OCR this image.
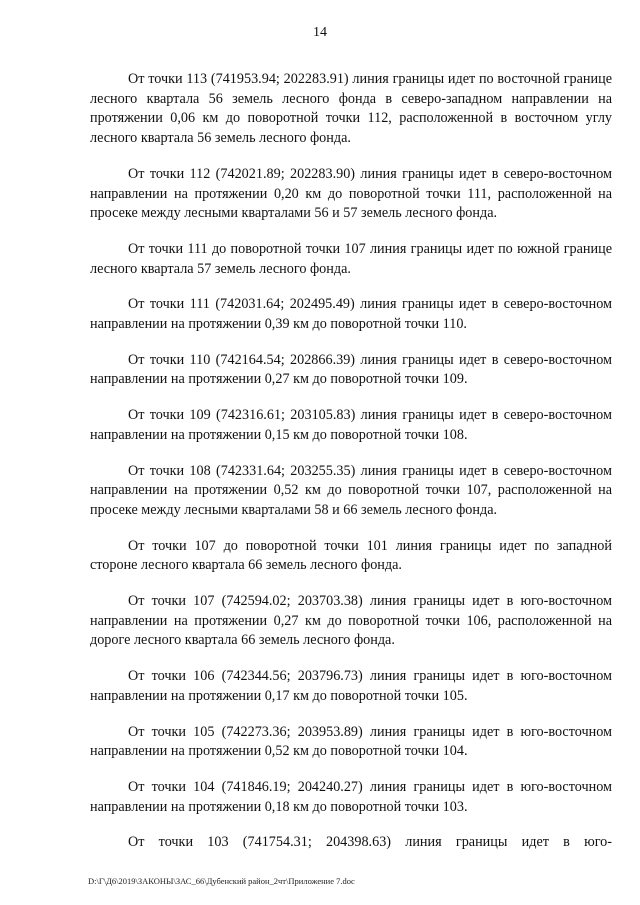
14

От точки 113 (741953.94; 202283.91) линия границы идет по восточной границе лесного квартала 56 земель лесного фонда в северо-западном направлении на протяжении 0,06 км до поворотной точки 112, расположенной в восточном углу лесного квартала 56 земель лесного фонда.

От точки 112 (742021.89; 202283.90) линия границы идет в северо-восточном направлении на протяжении 0,20 км до поворотной точки 111, расположенной на просеке между лесными кварталами 56 и 57 земель лесного фонда.

От точки 111 до поворотной точки 107 линия границы идет по южной границе лесного квартала 57 земель лесного фонда.

От точки 111 (742031.64; 202495.49) линия границы идет в северо-восточном направлении на протяжении 0,39 км до поворотной точки 110.

От точки 110 (742164.54; 202866.39) линия границы идет в северо-восточном направлении на протяжении 0,27 км до поворотной точки 109.

От точки 109 (742316.61; 203105.83) линия границы идет в северо-восточном направлении на протяжении 0,15 км до поворотной точки 108.

От точки 108 (742331.64; 203255.35) линия границы идет в северо-восточном направлении на протяжении 0,52 км до поворотной точки 107, расположенной на просеке между лесными кварталами 58 и 66 земель лесного фонда.

От точки 107 до поворотной точки 101 линия границы идет по западной стороне лесного квартала 66 земель лесного фонда.

От точки 107 (742594.02; 203703.38) линия границы идет в юго-восточном направлении на протяжении 0,27 км до поворотной точки 106, расположенной на дороге лесного квартала 66 земель лесного фонда.

От точки 106 (742344.56; 203796.73) линия границы идет в юго-восточном направлении на протяжении 0,17 км до поворотной точки 105.

От точки 105 (742273.36; 203953.89) линия границы идет в юго-восточном направлении на протяжении 0,52 км до поворотной точки 104.

От точки 104 (741846.19; 204240.27) линия границы идет в юго-восточном направлении на протяжении 0,18 км до поворотной точки 103.

От точки 103 (741754.31; 204398.63) линия границы идет в юго-

D:\Г\Д6\2019\ЗАКОНЫ\ЗАС_66\Дубенский район_2чт\Приложение 7.doc
